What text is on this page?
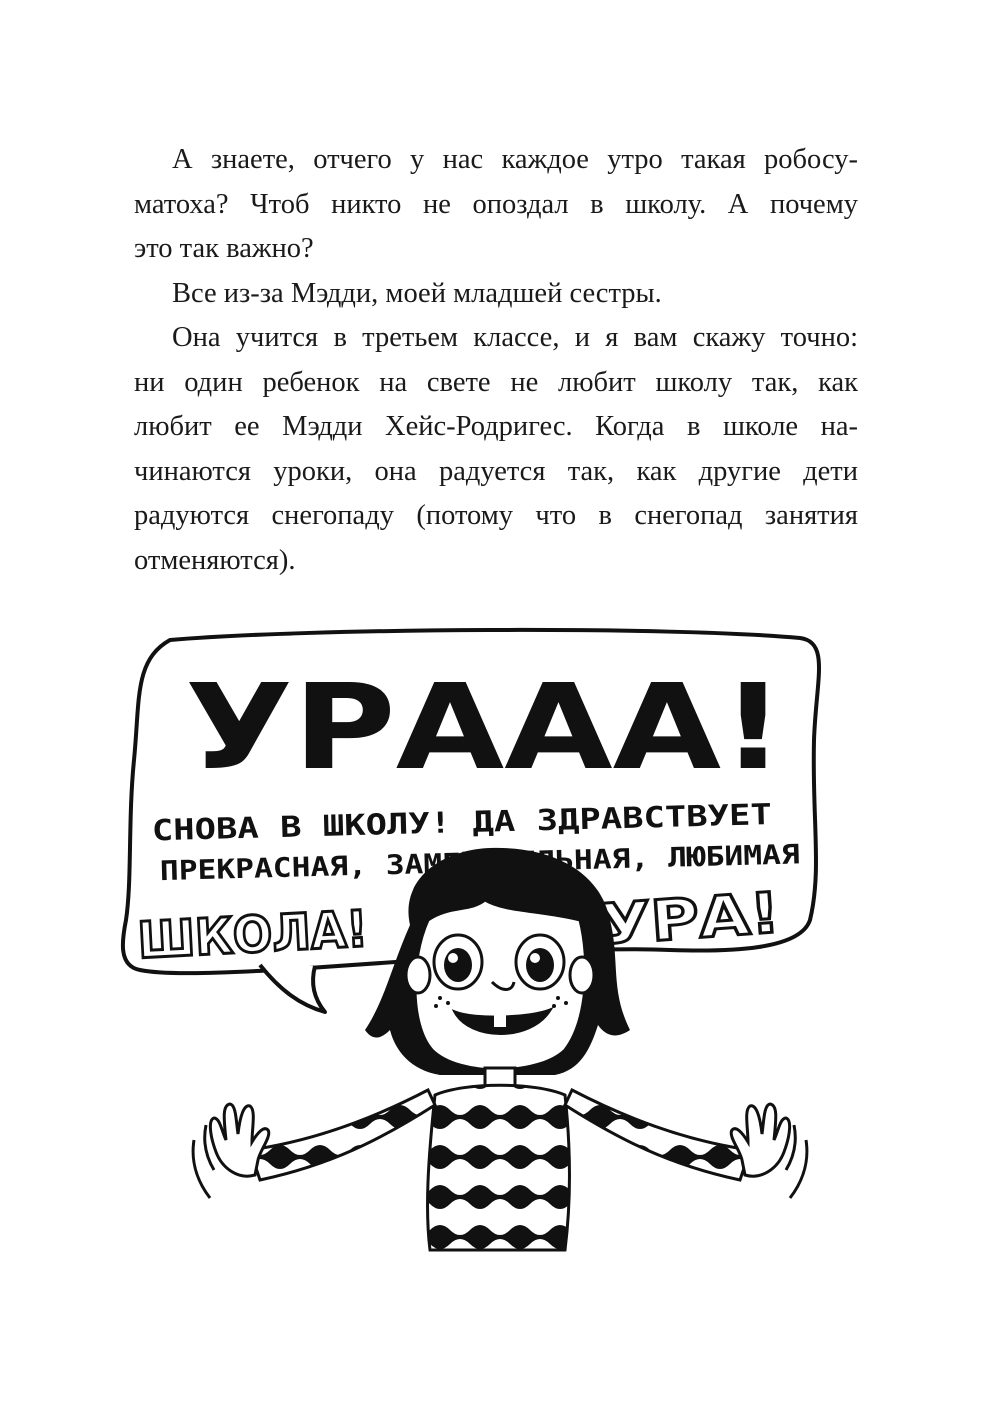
А знаете, отчего у нас каждое утро такая робосу-
матоха? Чтоб никто не опоздал в школу. А почему
это так важно?

Все из-за Мэдди, моей младшей сестры.

Она учится в третьем классе, и я вам скажу точно:
ни один ребенок на свете не любит школу так, как
любит ее Мэдди Хейс-Родригес. Когда в школе на-
чинаются уроки, она радуется так, как другие дети
радуются снегопаду (потому что в снегопад занятия
отменяются).

УРААА!
СНОВА В ШКОЛУ! ДА ЗДРАВСТВУЕТ
ШКОЛА!	УРА!
